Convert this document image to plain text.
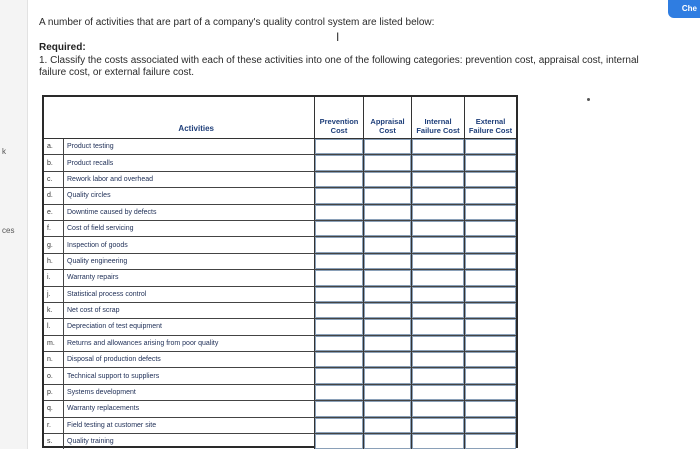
k
ces
Che
A number of activities that are part of a company's quality control system are listed below:
Required:
1. Classify the costs associated with each of these activities into one of the following categories: prevention cost, appraisal cost, internal failure cost, or external failure cost.
I
Activities
Prevention Cost
Appraisal Cost
Internal Failure Cost
External Failure Cost
a.	Product testing
b.	Product recalls
c.	Rework labor and overhead
d.	Quality circles
e.	Downtime caused by defects
f.	Cost of field servicing
g.	Inspection of goods
h.	Quality engineering
i.	Warranty repairs
j.	Statistical process control
k.	Net cost of scrap
l.	Depreciation of test equipment
m.	Returns and allowances arising from poor quality
n.	Disposal of production defects
o.	Technical support to suppliers
p.	Systems development
q.	Warranty replacements
r.	Field testing at customer site
s.	Quality training
